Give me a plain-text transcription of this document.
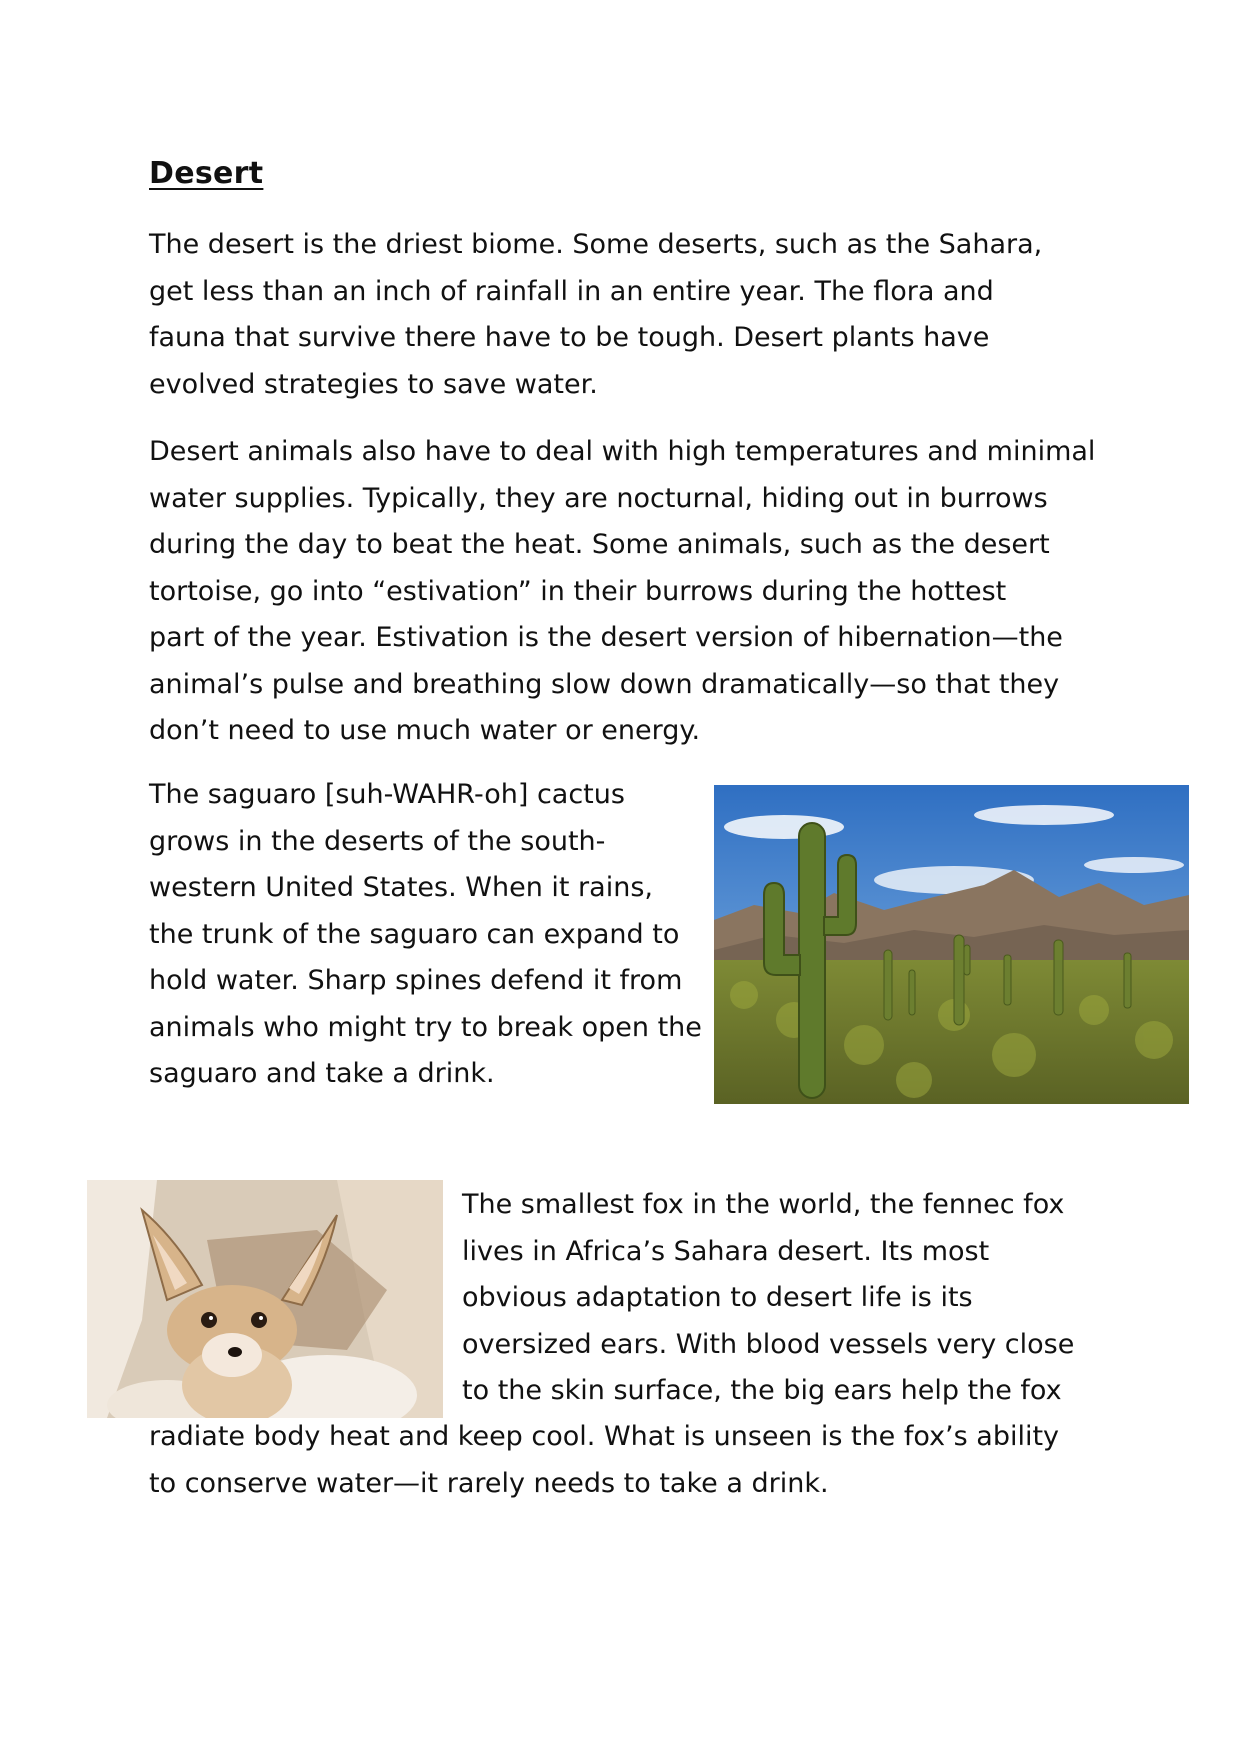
Desert

The desert is the driest biome. Some deserts, such as the Sahara,
get less than an inch of rainfall in an entire year. The flora and
fauna that survive there have to be tough. Desert plants have
evolved strategies to save water.

Desert animals also have to deal with high temperatures and minimal
water supplies. Typically, they are nocturnal, hiding out in burrows
during the day to beat the heat. Some animals, such as the desert
tortoise, go into “estivation” in their burrows during the hottest
part of the year. Estivation is the desert version of hibernation—the
animal’s pulse and breathing slow down dramatically—so that they
don’t need to use much water or energy.

The saguaro [suh-WAHR-oh] cactus
grows in the deserts of the south-
western United States. When it rains,
the trunk of the saguaro can expand to
hold water. Sharp spines defend it from
animals who might try to break open the
saguaro and take a drink.

The smallest fox in the world, the fennec fox
lives in Africa’s Sahara desert. Its most
obvious adaptation to desert life is its
oversized ears. With blood vessels very close
to the skin surface, the big ears help the fox

radiate body heat and keep cool. What is unseen is the fox’s ability
to conserve water—it rarely needs to take a drink.
